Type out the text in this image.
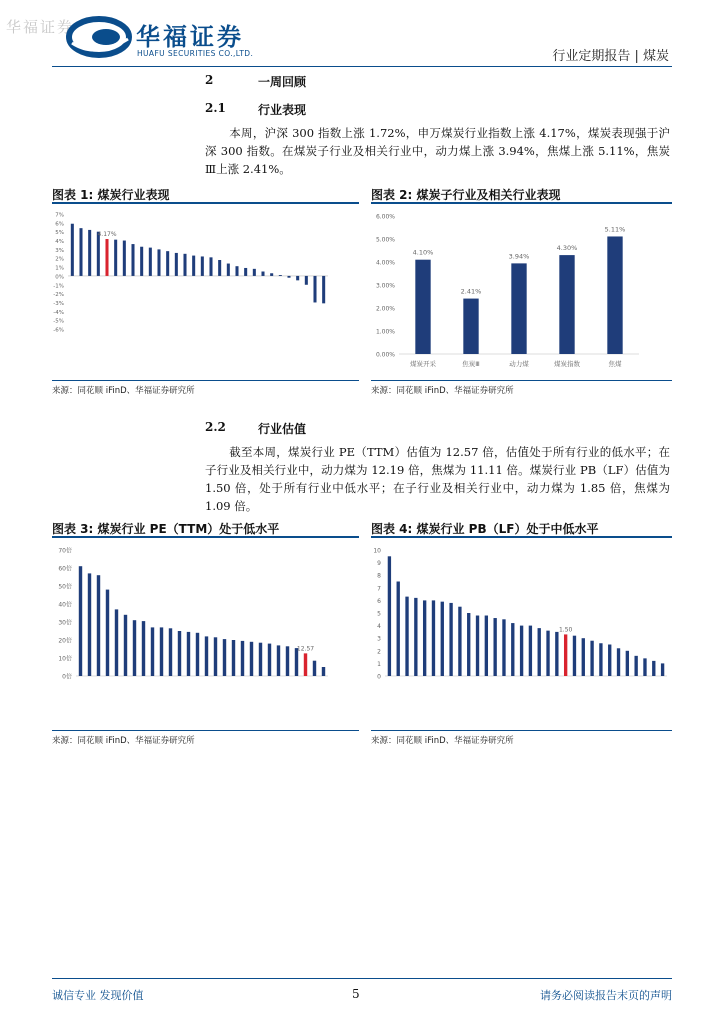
华福证券	华福证券
HUAFU SECURITIES CO.,LTD.	行业定期报告 | 煤炭
2	一周回顾
2.1	行业表现
本周，沪深 300 指数上涨 1.72%，申万煤炭行业指数上涨 4.17%，煤炭表现强于沪深 300 指数。在煤炭子行业及相关行业中，动力煤上涨 3.94%，焦煤上涨 5.11%，焦炭Ⅲ上涨 2.41%。
图表 1: 煤炭行业表现
7%
6%
5%
4%
3%
2%
1%
0%
-1%
-2%
-3%
-4%
-5%
-6%
4.17%
来源：同花顺 iFinD、华福证券研究所
图表 2: 煤炭子行业及相关行业表现
6.00%
5.00%
4.00%
3.00%
2.00%
1.00%
0.00%
4.10%
煤炭开采
2.41%
焦炭Ⅲ
3.94%
动力煤
4.30%
煤炭指数
5.11%
焦煤
来源：同花顺 iFinD、华福证券研究所
2.2	行业估值
截至本周，煤炭行业 PE（TTM）估值为 12.57 倍，估值处于所有行业的低水平；在子行业及相关行业中，动力煤为 12.19 倍，焦煤为 11.11 倍。煤炭行业 PB（LF）估值为 1.50 倍，处于所有行业中低水平；在子行业及相关行业中，动力煤为 1.85 倍，焦煤为 1.09 倍。
图表 3: 煤炭行业 PE（TTM）处于低水平
70倍
60倍
50倍
40倍
30倍
20倍
10倍
0倍
12.57
来源：同花顺 iFinD、华福证券研究所
图表 4: 煤炭行业 PB（LF）处于中低水平
10
9
8
7
6
5
4
3
2
1
0
1.50
来源：同花顺 iFinD、华福证券研究所
诚信专业 发现价值	5	请务必阅读报告末页的声明
